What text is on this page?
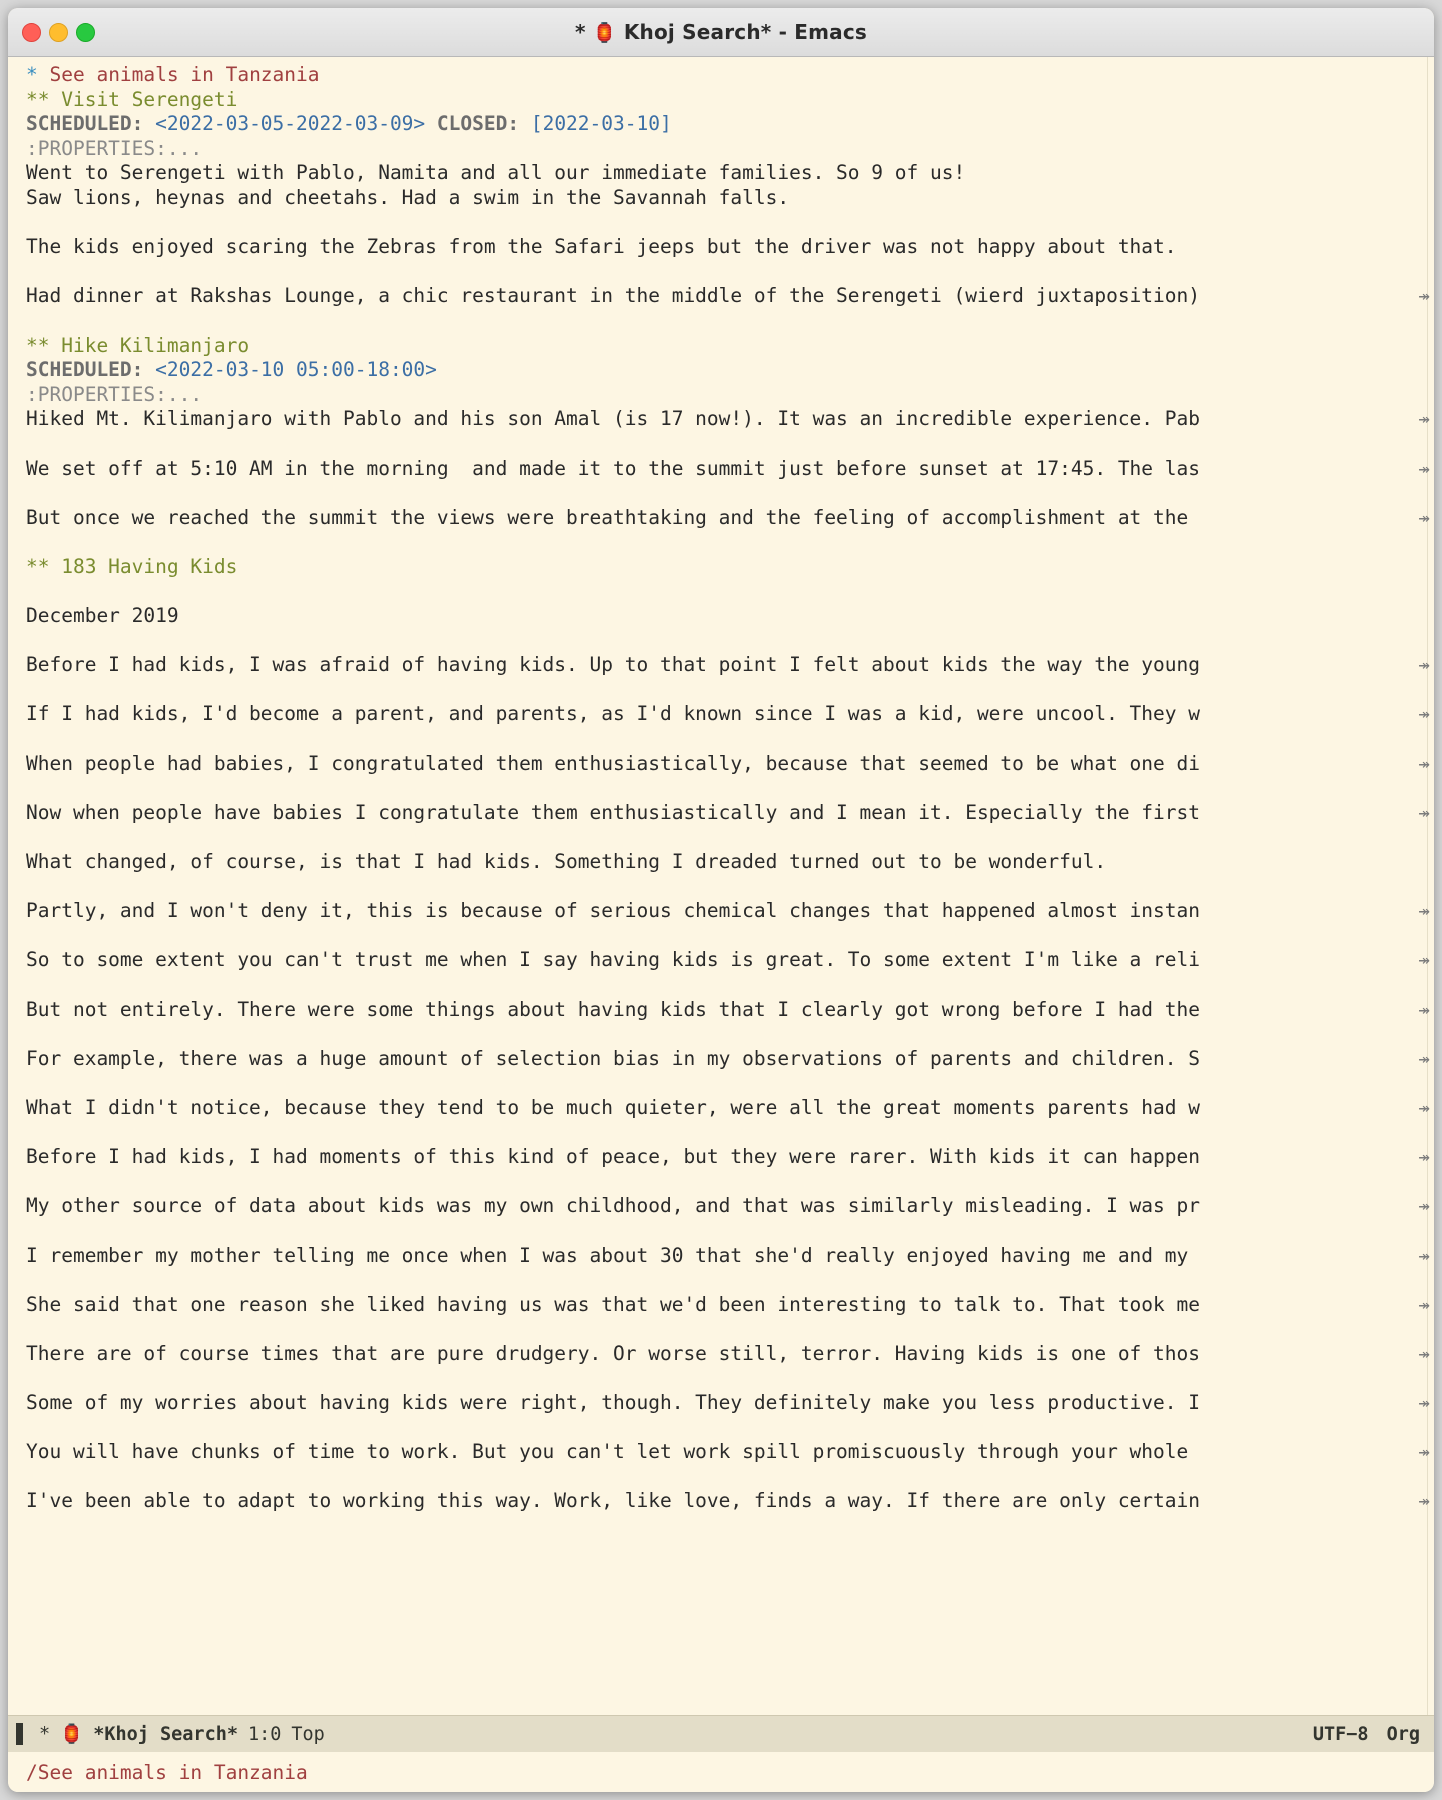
* 🏮 Khoj Search* - Emacs
* See animals in Tanzania
** Visit Serengeti
SCHEDULED: <2022-03-05-2022-03-09> CLOSED: [2022-03-10]
:PROPERTIES:...
Went to Serengeti with Pablo, Namita and all our immediate families. So 9 of us!
Saw lions, heynas and cheetahs. Had a swim in the Savannah falls.
The kids enjoyed scaring the Zebras from the Safari jeeps but the driver was not happy about that.
Had dinner at Rakshas Lounge, a chic restaurant in the middle of the Serengeti (wierd juxtaposition)	↠
** Hike Kilimanjaro
SCHEDULED: <2022-03-10 05:00-18:00>
:PROPERTIES:...
Hiked Mt. Kilimanjaro with Pablo and his son Amal (is 17 now!). It was an incredible experience. Pab	↠
We set off at 5:10 AM in the morning  and made it to the summit just before sunset at 17:45. The las	↠
But once we reached the summit the views were breathtaking and the feeling of accomplishment at the	↠
** 183 Having Kids
December 2019
Before I had kids, I was afraid of having kids. Up to that point I felt about kids the way the young	↠
If I had kids, I'd become a parent, and parents, as I'd known since I was a kid, were uncool. They w	↠
When people had babies, I congratulated them enthusiastically, because that seemed to be what one di	↠
Now when people have babies I congratulate them enthusiastically and I mean it. Especially the first	↠
What changed, of course, is that I had kids. Something I dreaded turned out to be wonderful.
Partly, and I won't deny it, this is because of serious chemical changes that happened almost instan	↠
So to some extent you can't trust me when I say having kids is great. To some extent I'm like a reli	↠
But not entirely. There were some things about having kids that I clearly got wrong before I had the	↠
For example, there was a huge amount of selection bias in my observations of parents and children. S	↠
What I didn't notice, because they tend to be much quieter, were all the great moments parents had w	↠
Before I had kids, I had moments of this kind of peace, but they were rarer. With kids it can happen	↠
My other source of data about kids was my own childhood, and that was similarly misleading. I was pr	↠
I remember my mother telling me once when I was about 30 that she'd really enjoyed having me and my	↠
She said that one reason she liked having us was that we'd been interesting to talk to. That took me	↠
There are of course times that are pure drudgery. Or worse still, terror. Having kids is one of thos	↠
Some of my worries about having kids were right, though. They definitely make you less productive. I	↠
You will have chunks of time to work. But you can't let work spill promiscuously through your whole	↠
I've been able to adapt to working this way. Work, like love, finds a way. If there are only certain	↠
* 🏮 *Khoj Search* 1:0 Top	UTF−8 Org
/See animals in Tanzania
